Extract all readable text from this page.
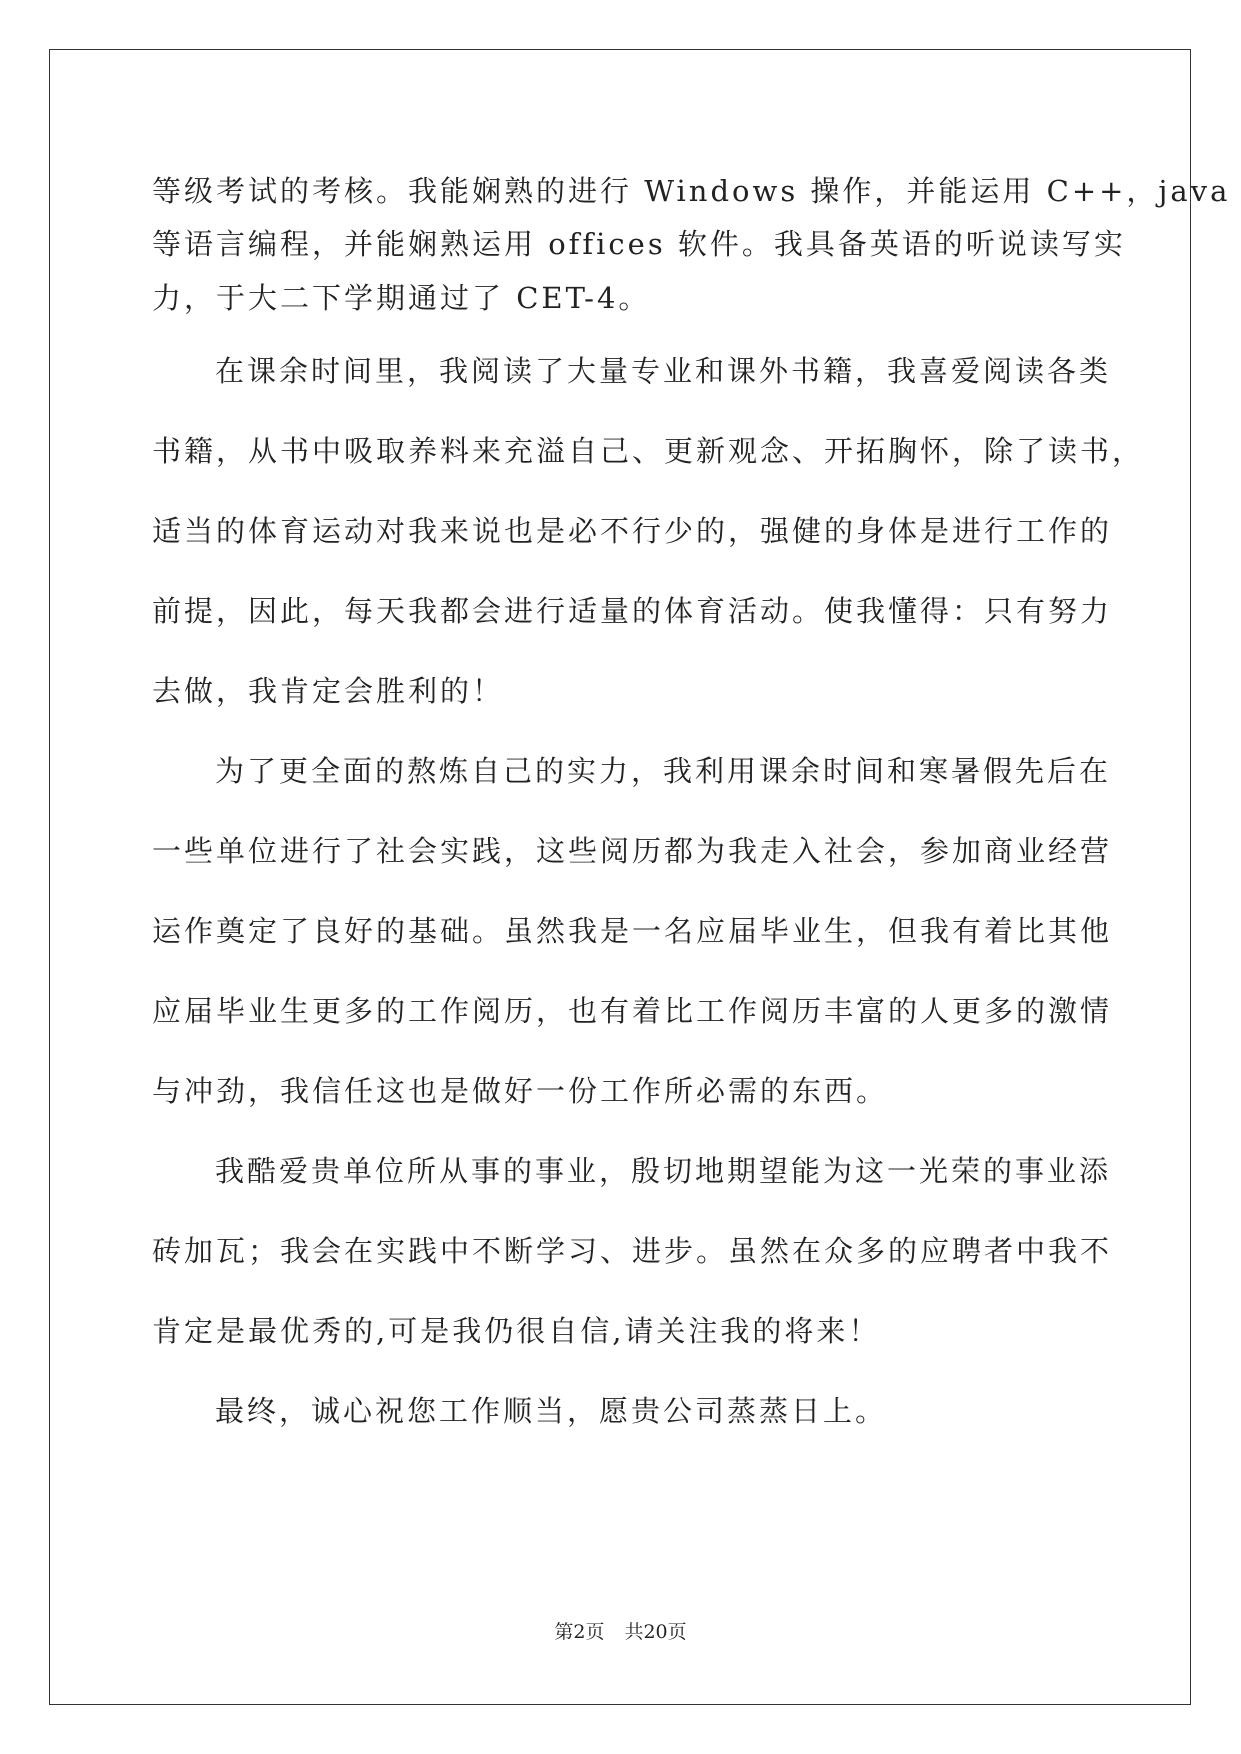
等级考试的考核。我能娴熟的进行 Windows 操作，并能运用 C++，java
等语言编程，并能娴熟运用 offices 软件。我具备英语的听说读写实
力，于大二下学期通过了 CET-4。
在课余时间里，我阅读了大量专业和课外书籍，我喜爱阅读各类
书籍，从书中吸取养料来充溢自己、更新观念、开拓胸怀，除了读书，
适当的体育运动对我来说也是必不行少的，强健的身体是进行工作的
前提，因此，每天我都会进行适量的体育活动。使我懂得：只有努力
去做，我肯定会胜利的！
为了更全面的熬炼自己的实力，我利用课余时间和寒暑假先后在
一些单位进行了社会实践，这些阅历都为我走入社会，参加商业经营
运作奠定了良好的基础。虽然我是一名应届毕业生，但我有着比其他
应届毕业生更多的工作阅历，也有着比工作阅历丰富的人更多的激情
与冲劲，我信任这也是做好一份工作所必需的东西。
我酷爱贵单位所从事的事业，殷切地期望能为这一光荣的事业添
砖加瓦；我会在实践中不断学习、进步。虽然在众多的应聘者中我不
肯定是最优秀的,可是我仍很自信,请关注我的将来！
最终，诚心祝您工作顺当，愿贵公司蒸蒸日上。
第2页 共20页
